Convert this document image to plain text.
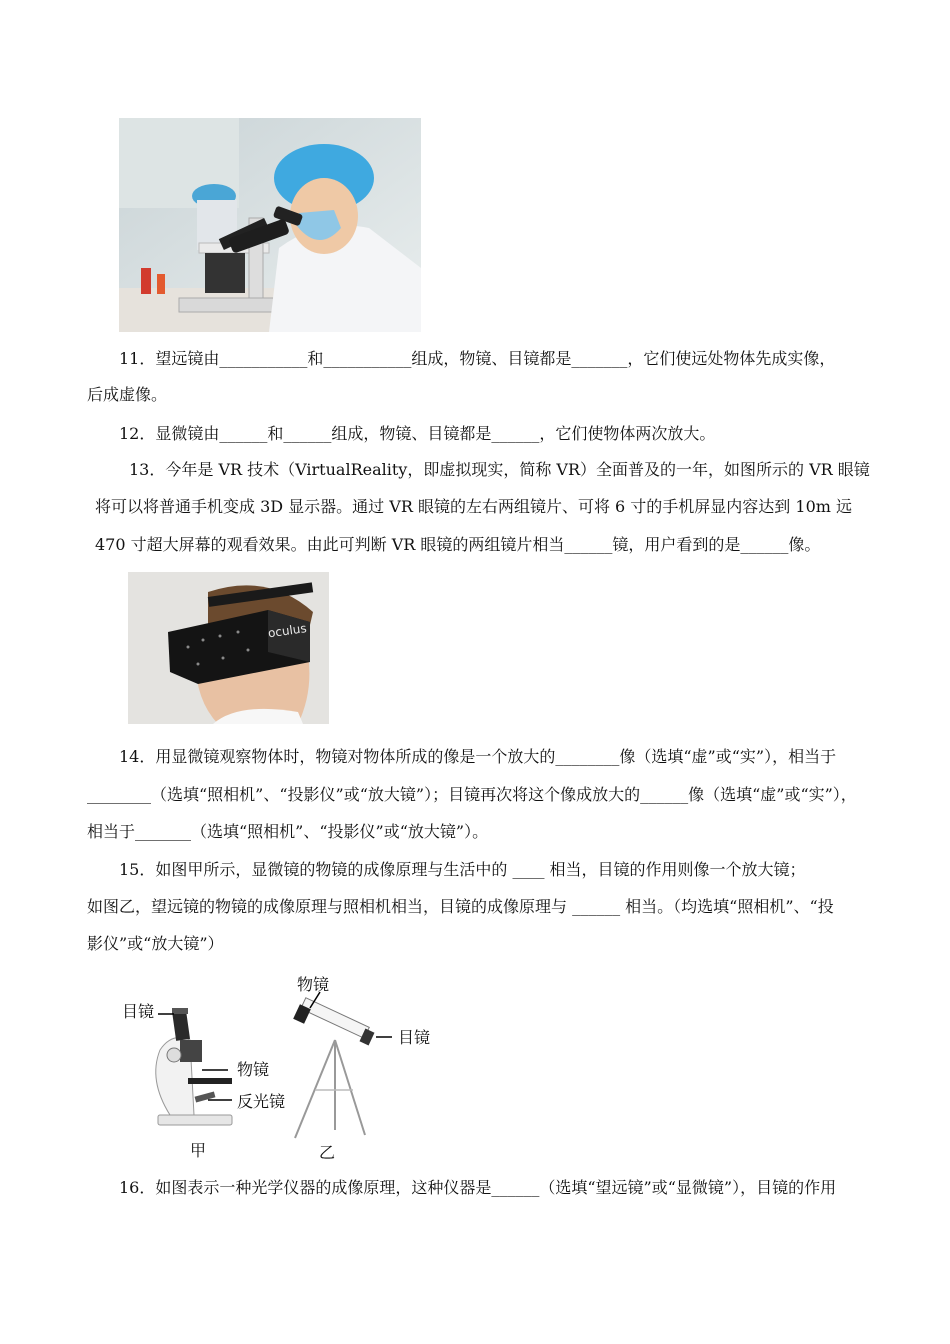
11．望远镜由___________和___________组成，物镜、目镜都是_______，它们使远处物体先成实像，
后成虚像。
12．显微镜由______和______组成，物镜、目镜都是______，它们使物体两次放大。
13．今年是 VR 技术（VirtualReality，即虚拟现实，简称 VR）全面普及的一年，如图所示的 VR 眼镜
将可以将普通手机变成 3D 显示器。通过 VR 眼镜的左右两组镜片、可将 6 寸的手机屏显内容达到 10m 远
470 寸超大屏幕的观看效果。由此可判断 VR 眼镜的两组镜片相当______镜，用户看到的是______像。
oculus
14．用显微镜观察物体时，物镜对物体所成的像是一个放大的________像（选填“虚”或“实”），相当于
________（选填“照相机”、“投影仪”或“放大镜”）；目镜再次将这个像成放大的______像（选填“虚”或“实”），
相当于_______（选填“照相机”、“投影仪”或“放大镜”）。
15．如图甲所示，显微镜的物镜的成像原理与生活中的 ____ 相当，目镜的作用则像一个放大镜；
如图乙，望远镜的物镜的成像原理与照相机相当，目镜的成像原理与 ______ 相当。（均选填“照相机”、“投
影仪”或“放大镜”）
目镜
物镜
反光镜
甲
物镜
目镜
乙
16．如图表示一种光学仪器的成像原理，这种仪器是______（选填“望远镜”或“显微镜”），目镜的作用
